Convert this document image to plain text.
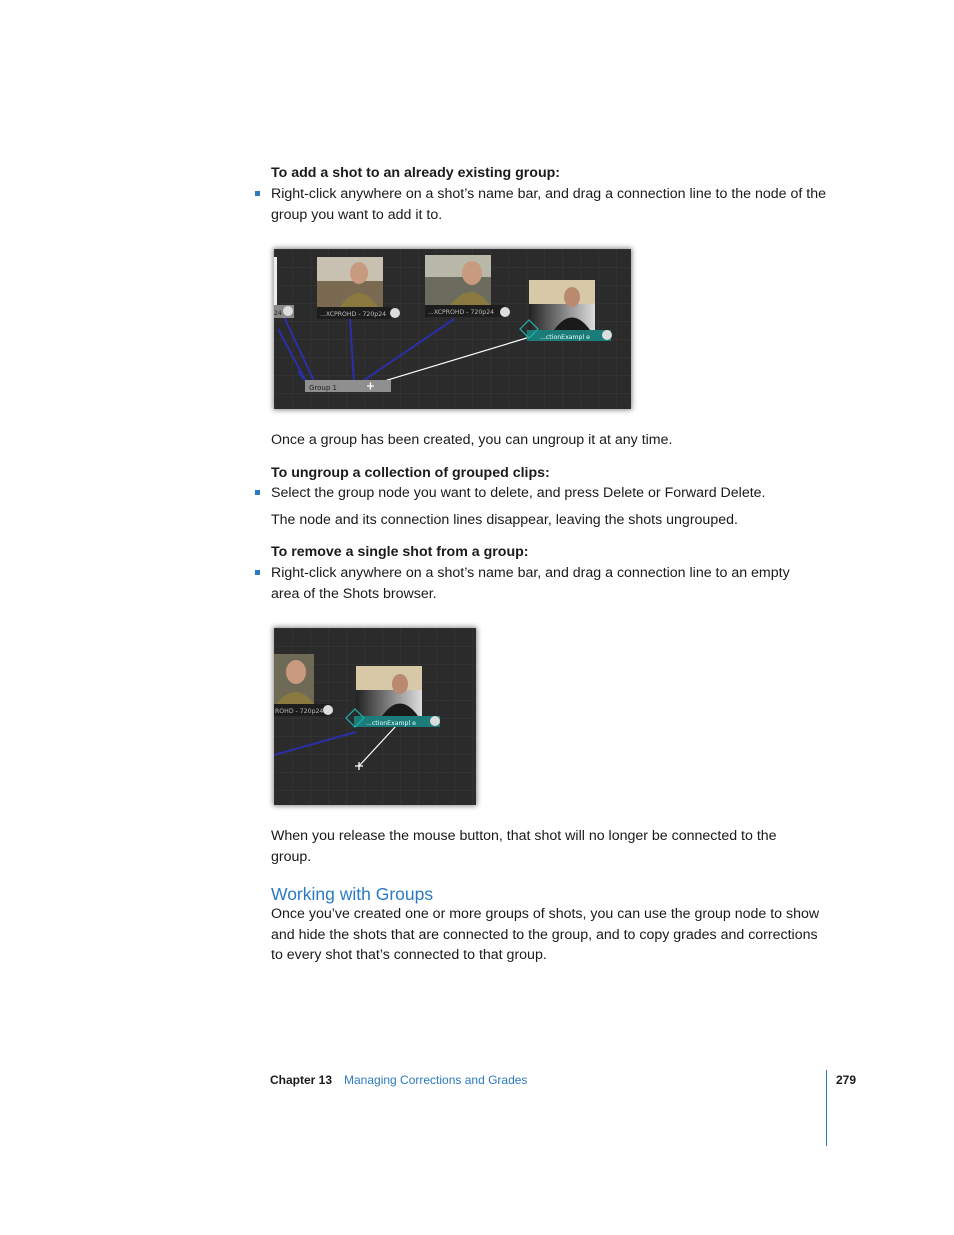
To add a shot to an already existing group:
Right-click anywhere on a shot’s name bar, and drag a connection line to the node of the group you want to add it to.
24	...XCPROHD - 720p24	...XCPROHD - 720p24
...ctionExampl e
Group 1
Once a group has been created, you can ungroup it at any time.
To ungroup a collection of grouped clips:
Select the group node you want to delete, and press Delete or Forward Delete.
The node and its connection lines disappear, leaving the shots ungrouped.
To remove a single shot from a group:
Right-click anywhere on a shot’s name bar, and drag a connection line to an empty area of the Shots browser.
ROHD - 720p24
...ctionExampl e
When you release the mouse button, that shot will no longer be connected to the group.
Working with Groups
Once you’ve created one or more groups of shots, you can use the group node to show and hide the shots that are connected to the group, and to copy grades and corrections to every shot that’s connected to that group.
Chapter 13 Managing Corrections and Grades	279
